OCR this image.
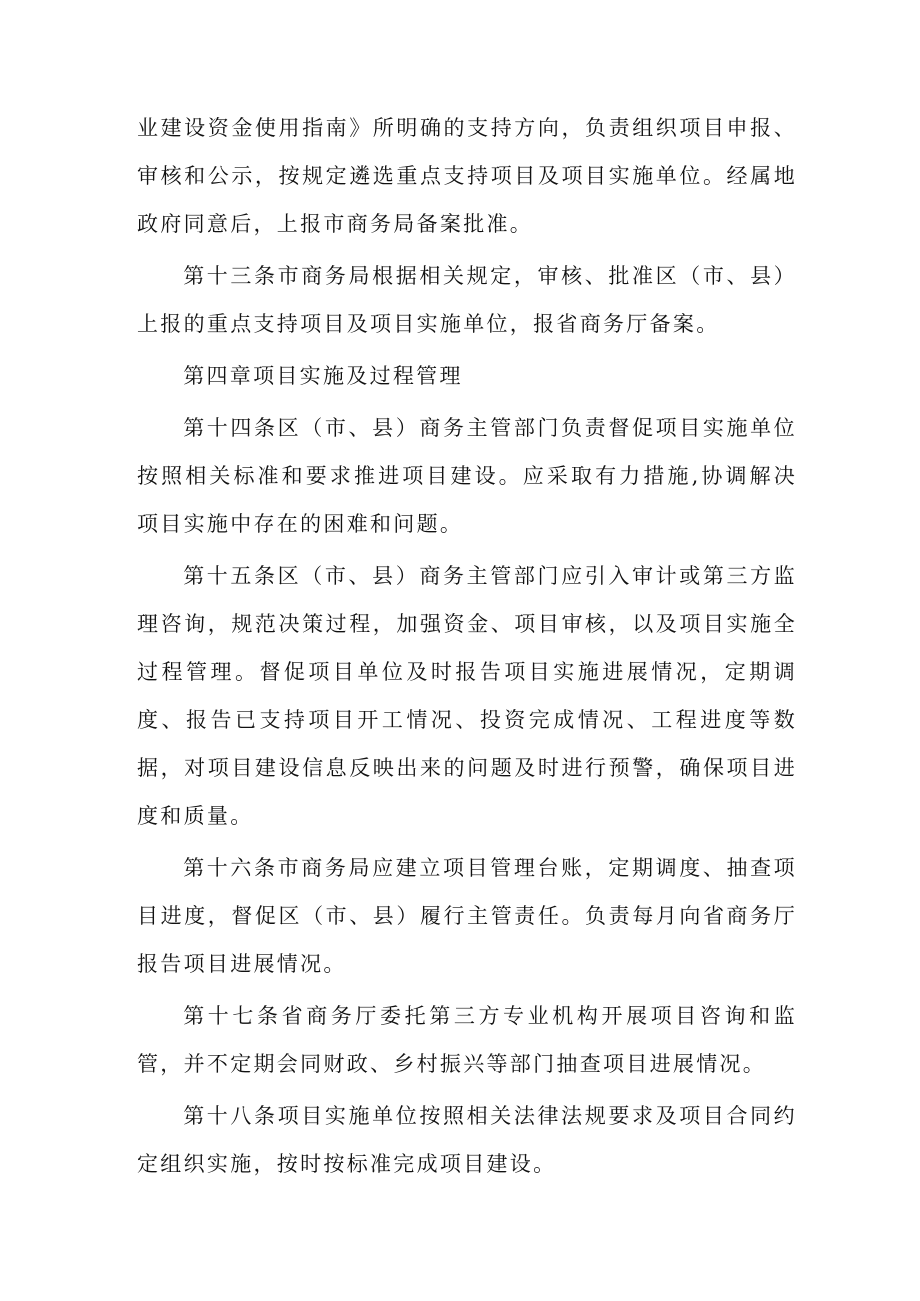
业建设资金使用指南》所明确的支持方向，负责组织项目申报、审核和公示，按规定遴选重点支持项目及项目实施单位。经属地政府同意后，上报市商务局备案批准。

第十三条市商务局根据相关规定，审核、批准区（市、县）上报的重点支持项目及项目实施单位，报省商务厅备案。

第四章项目实施及过程管理

第十四条区（市、县）商务主管部门负责督促项目实施单位按照相关标准和要求推进项目建设。应采取有力措施,协调解决项目实施中存在的困难和问题。

第十五条区（市、县）商务主管部门应引入审计或第三方监理咨询，规范决策过程，加强资金、项目审核，以及项目实施全过程管理。督促项目单位及时报告项目实施进展情况，定期调度、报告已支持项目开工情况、投资完成情况、工程进度等数据，对项目建设信息反映出来的问题及时进行预警，确保项目进度和质量。

第十六条市商务局应建立项目管理台账，定期调度、抽查项目进度，督促区（市、县）履行主管责任。负责每月向省商务厅报告项目进展情况。

第十七条省商务厅委托第三方专业机构开展项目咨询和监管，并不定期会同财政、乡村振兴等部门抽查项目进展情况。

第十八条项目实施单位按照相关法律法规要求及项目合同约定组织实施，按时按标准完成项目建设。
